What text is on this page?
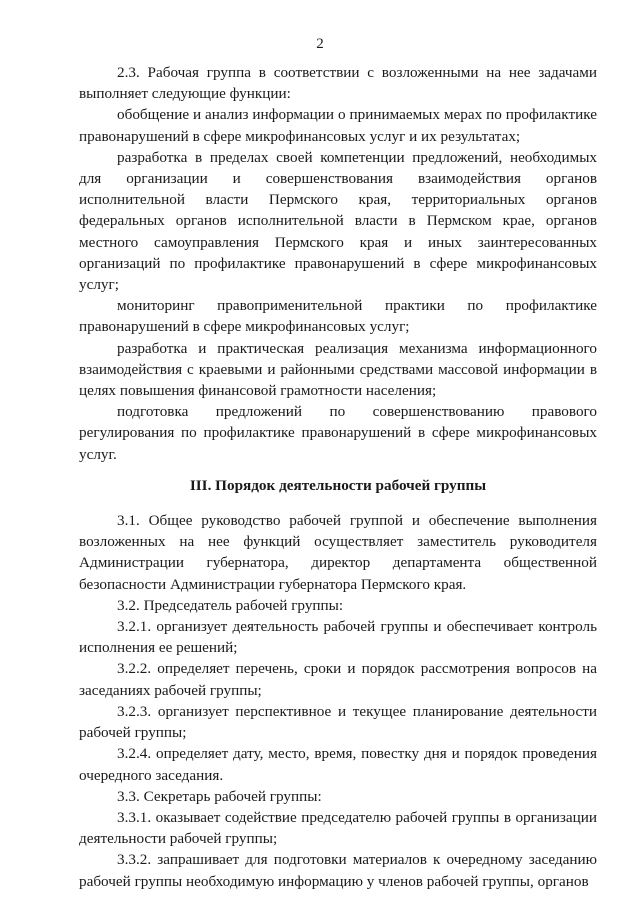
2

2.3. Рабочая группа в соответствии с возложенными на нее задачами выполняет следующие функции:

обобщение и анализ информации о принимаемых мерах по профилактике правонарушений в сфере микрофинансовых услуг и их результатах;

разработка в пределах своей компетенции предложений, необходимых для организации и совершенствования взаимодействия органов исполнительной власти Пермского края, территориальных органов федеральных органов исполнительной власти в Пермском крае, органов местного самоуправления Пермского края и иных заинтересованных организаций по профилактике правонарушений в сфере микрофинансовых услуг;

мониторинг правоприменительной практики по профилактике правонарушений в сфере микрофинансовых услуг;

разработка и практическая реализация механизма информационного взаимодействия с краевыми и районными средствами массовой информации в целях повышения финансовой грамотности населения;

подготовка предложений по совершенствованию правового регулирования по профилактике правонарушений в сфере микрофинансовых услуг.

III. Порядок деятельности рабочей группы

3.1. Общее руководство рабочей группой и обеспечение выполнения возложенных на нее функций осуществляет заместитель руководителя Администрации губернатора, директор департамента общественной безопасности Администрации губернатора Пермского края.

3.2. Председатель рабочей группы:

3.2.1. организует деятельность рабочей группы и обеспечивает контроль исполнения ее решений;

3.2.2. определяет перечень, сроки и порядок рассмотрения вопросов на заседаниях рабочей группы;

3.2.3. организует перспективное и текущее планирование деятельности рабочей группы;

3.2.4. определяет дату, место, время, повестку дня и порядок проведения очередного заседания.

3.3. Секретарь рабочей группы:

3.3.1. оказывает содействие председателю рабочей группы в организации деятельности рабочей группы;

3.3.2. запрашивает для подготовки материалов к очередному заседанию рабочей группы необходимую информацию у членов рабочей группы, органов
